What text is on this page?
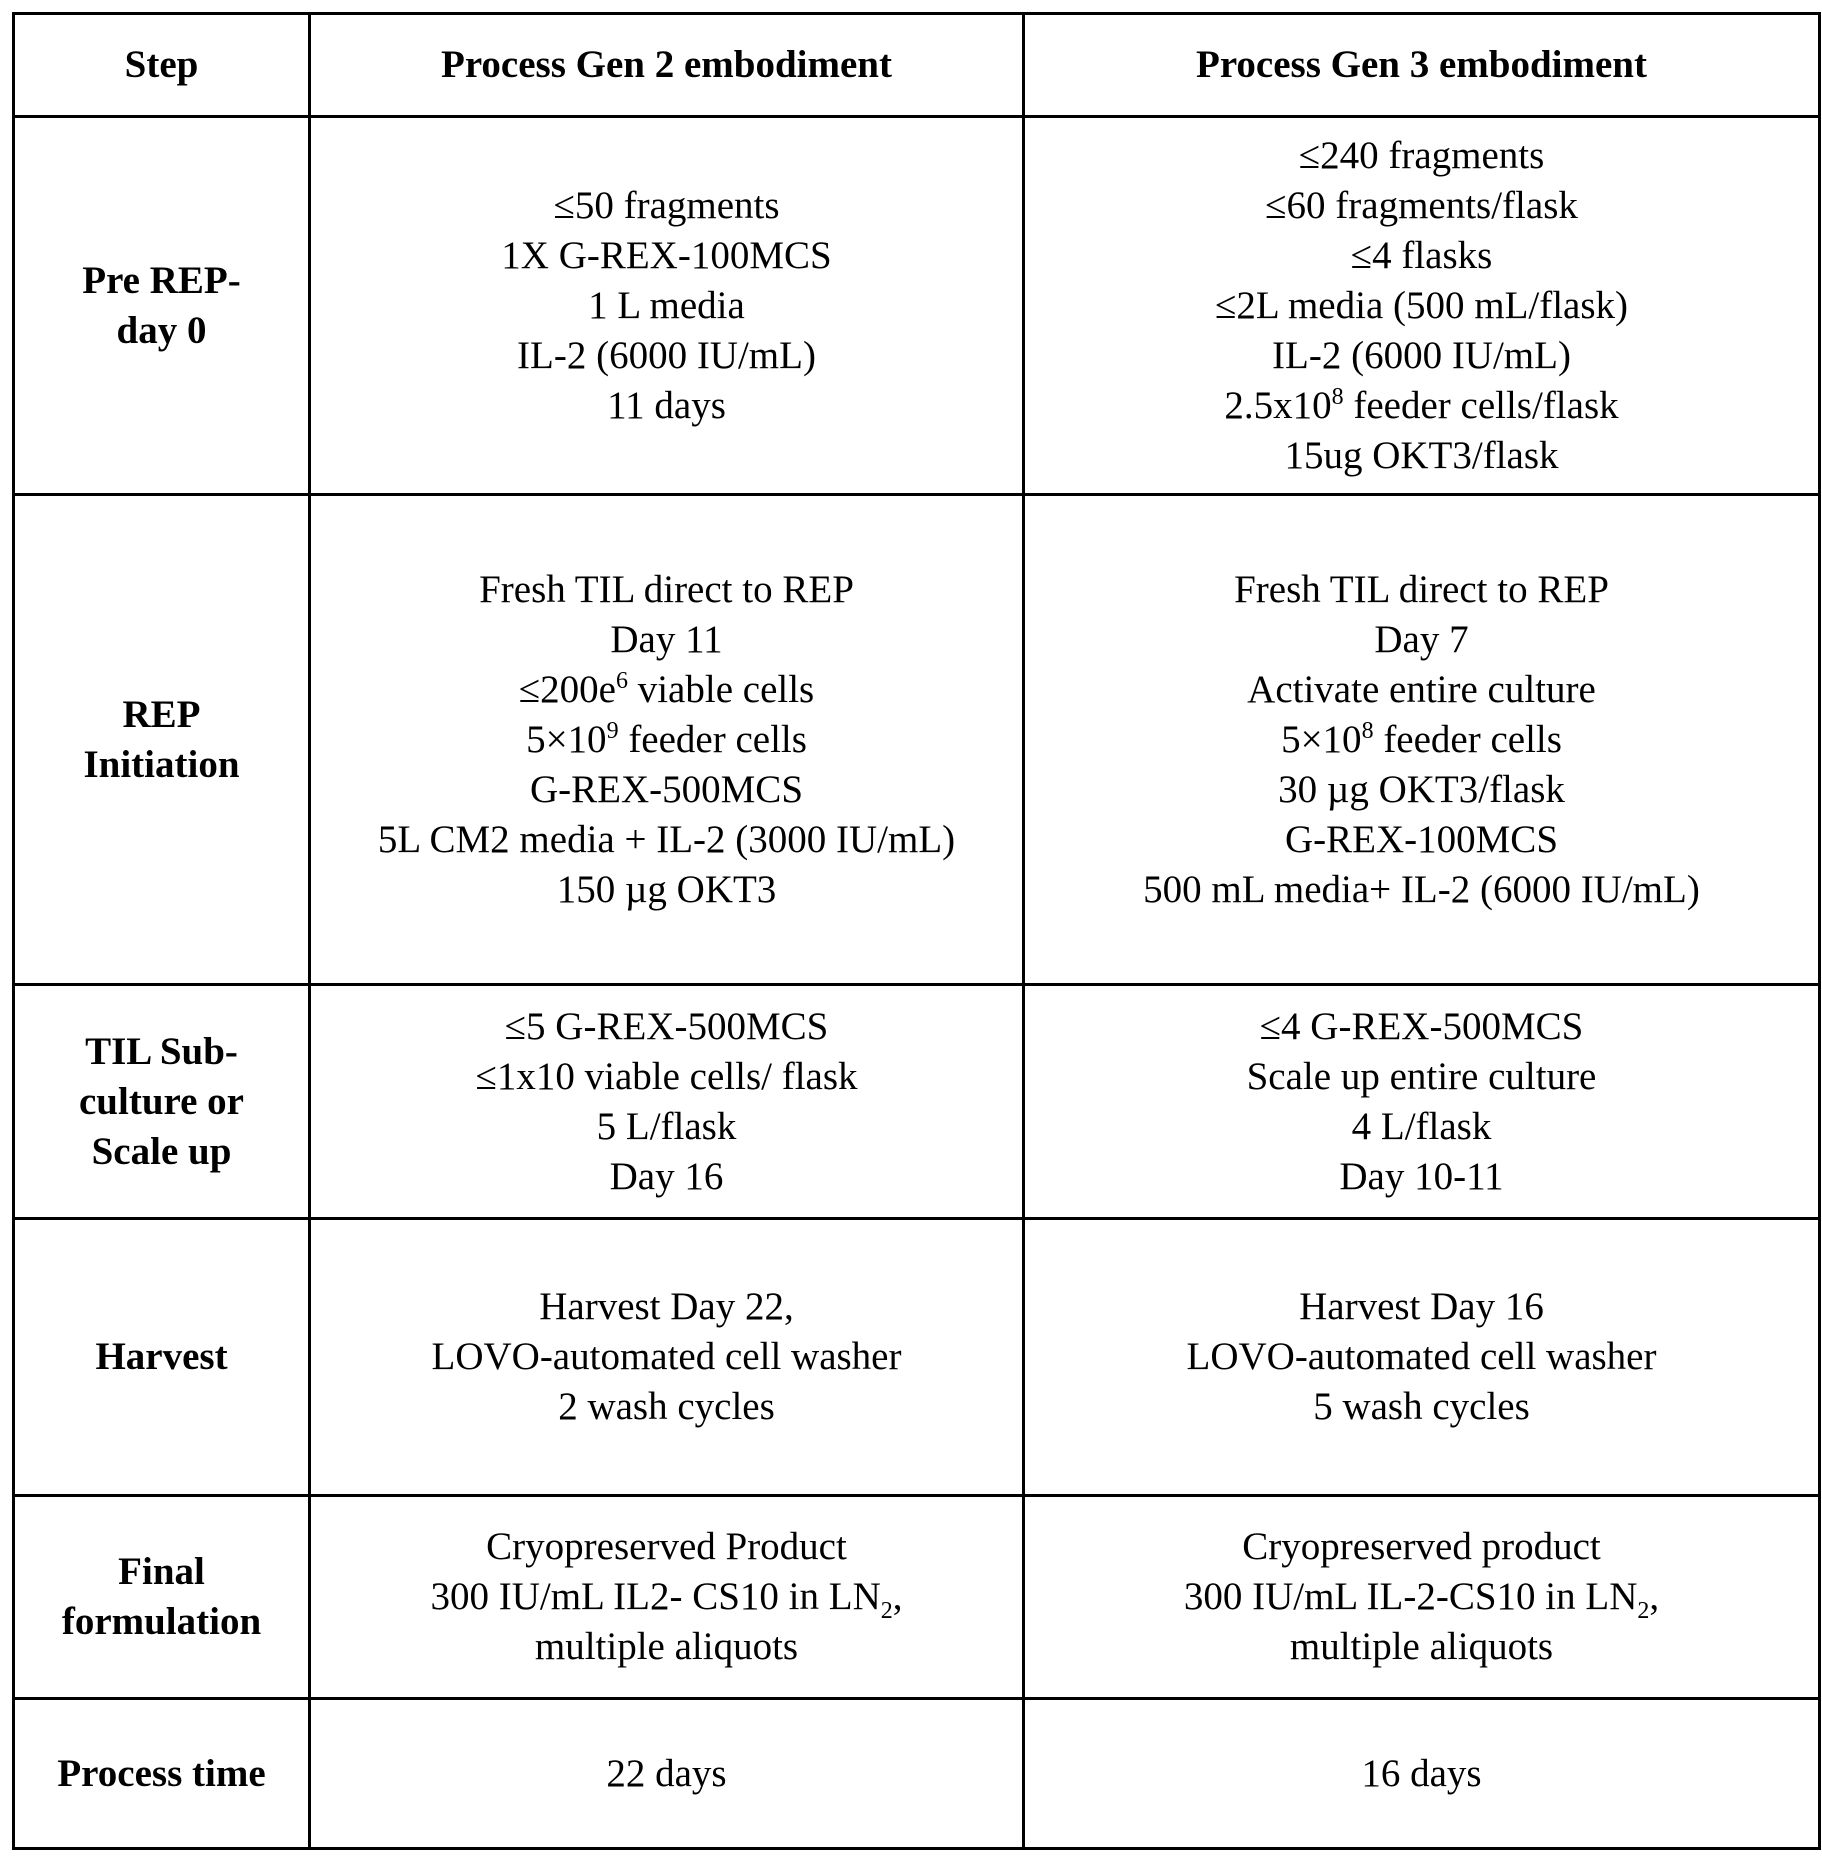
Step	Process Gen 2 embodiment	Process Gen 3 embodiment

Pre REP-
day 0

≤50 fragments
1X G-REX-100MCS
1 L media
IL-2 (6000 IU/mL)
11 days

≤240 fragments
≤60 fragments/flask
≤4 flasks
≤2L media (500 mL/flask)
IL-2 (6000 IU/mL)
2.5x108 feeder cells/flask
15ug OKT3/flask

REP
Initiation

Fresh TIL direct to REP
Day 11
≤200e6 viable cells
5×109 feeder cells
G-REX-500MCS
5L CM2 media + IL-2 (3000 IU/mL)
150 µg OKT3

Fresh TIL direct to REP
Day 7
Activate entire culture
5×108 feeder cells
30 µg OKT3/flask
G-REX-100MCS
500 mL media+ IL-2 (6000 IU/mL)

TIL Sub-
culture or
Scale up

≤5 G-REX-500MCS
≤1x10 viable cells/ flask
5 L/flask
Day 16

≤4 G-REX-500MCS
Scale up entire culture
4 L/flask
Day 10-11

Harvest

Harvest Day 22,
LOVO-automated cell washer
2 wash cycles

Harvest Day 16
LOVO-automated cell washer
5 wash cycles

Final
formulation

Cryopreserved Product
300 IU/mL IL2- CS10 in LN2,
multiple aliquots

Cryopreserved product
300 IU/mL IL-2-CS10 in LN2,
multiple aliquots

Process time	22 days	16 days
